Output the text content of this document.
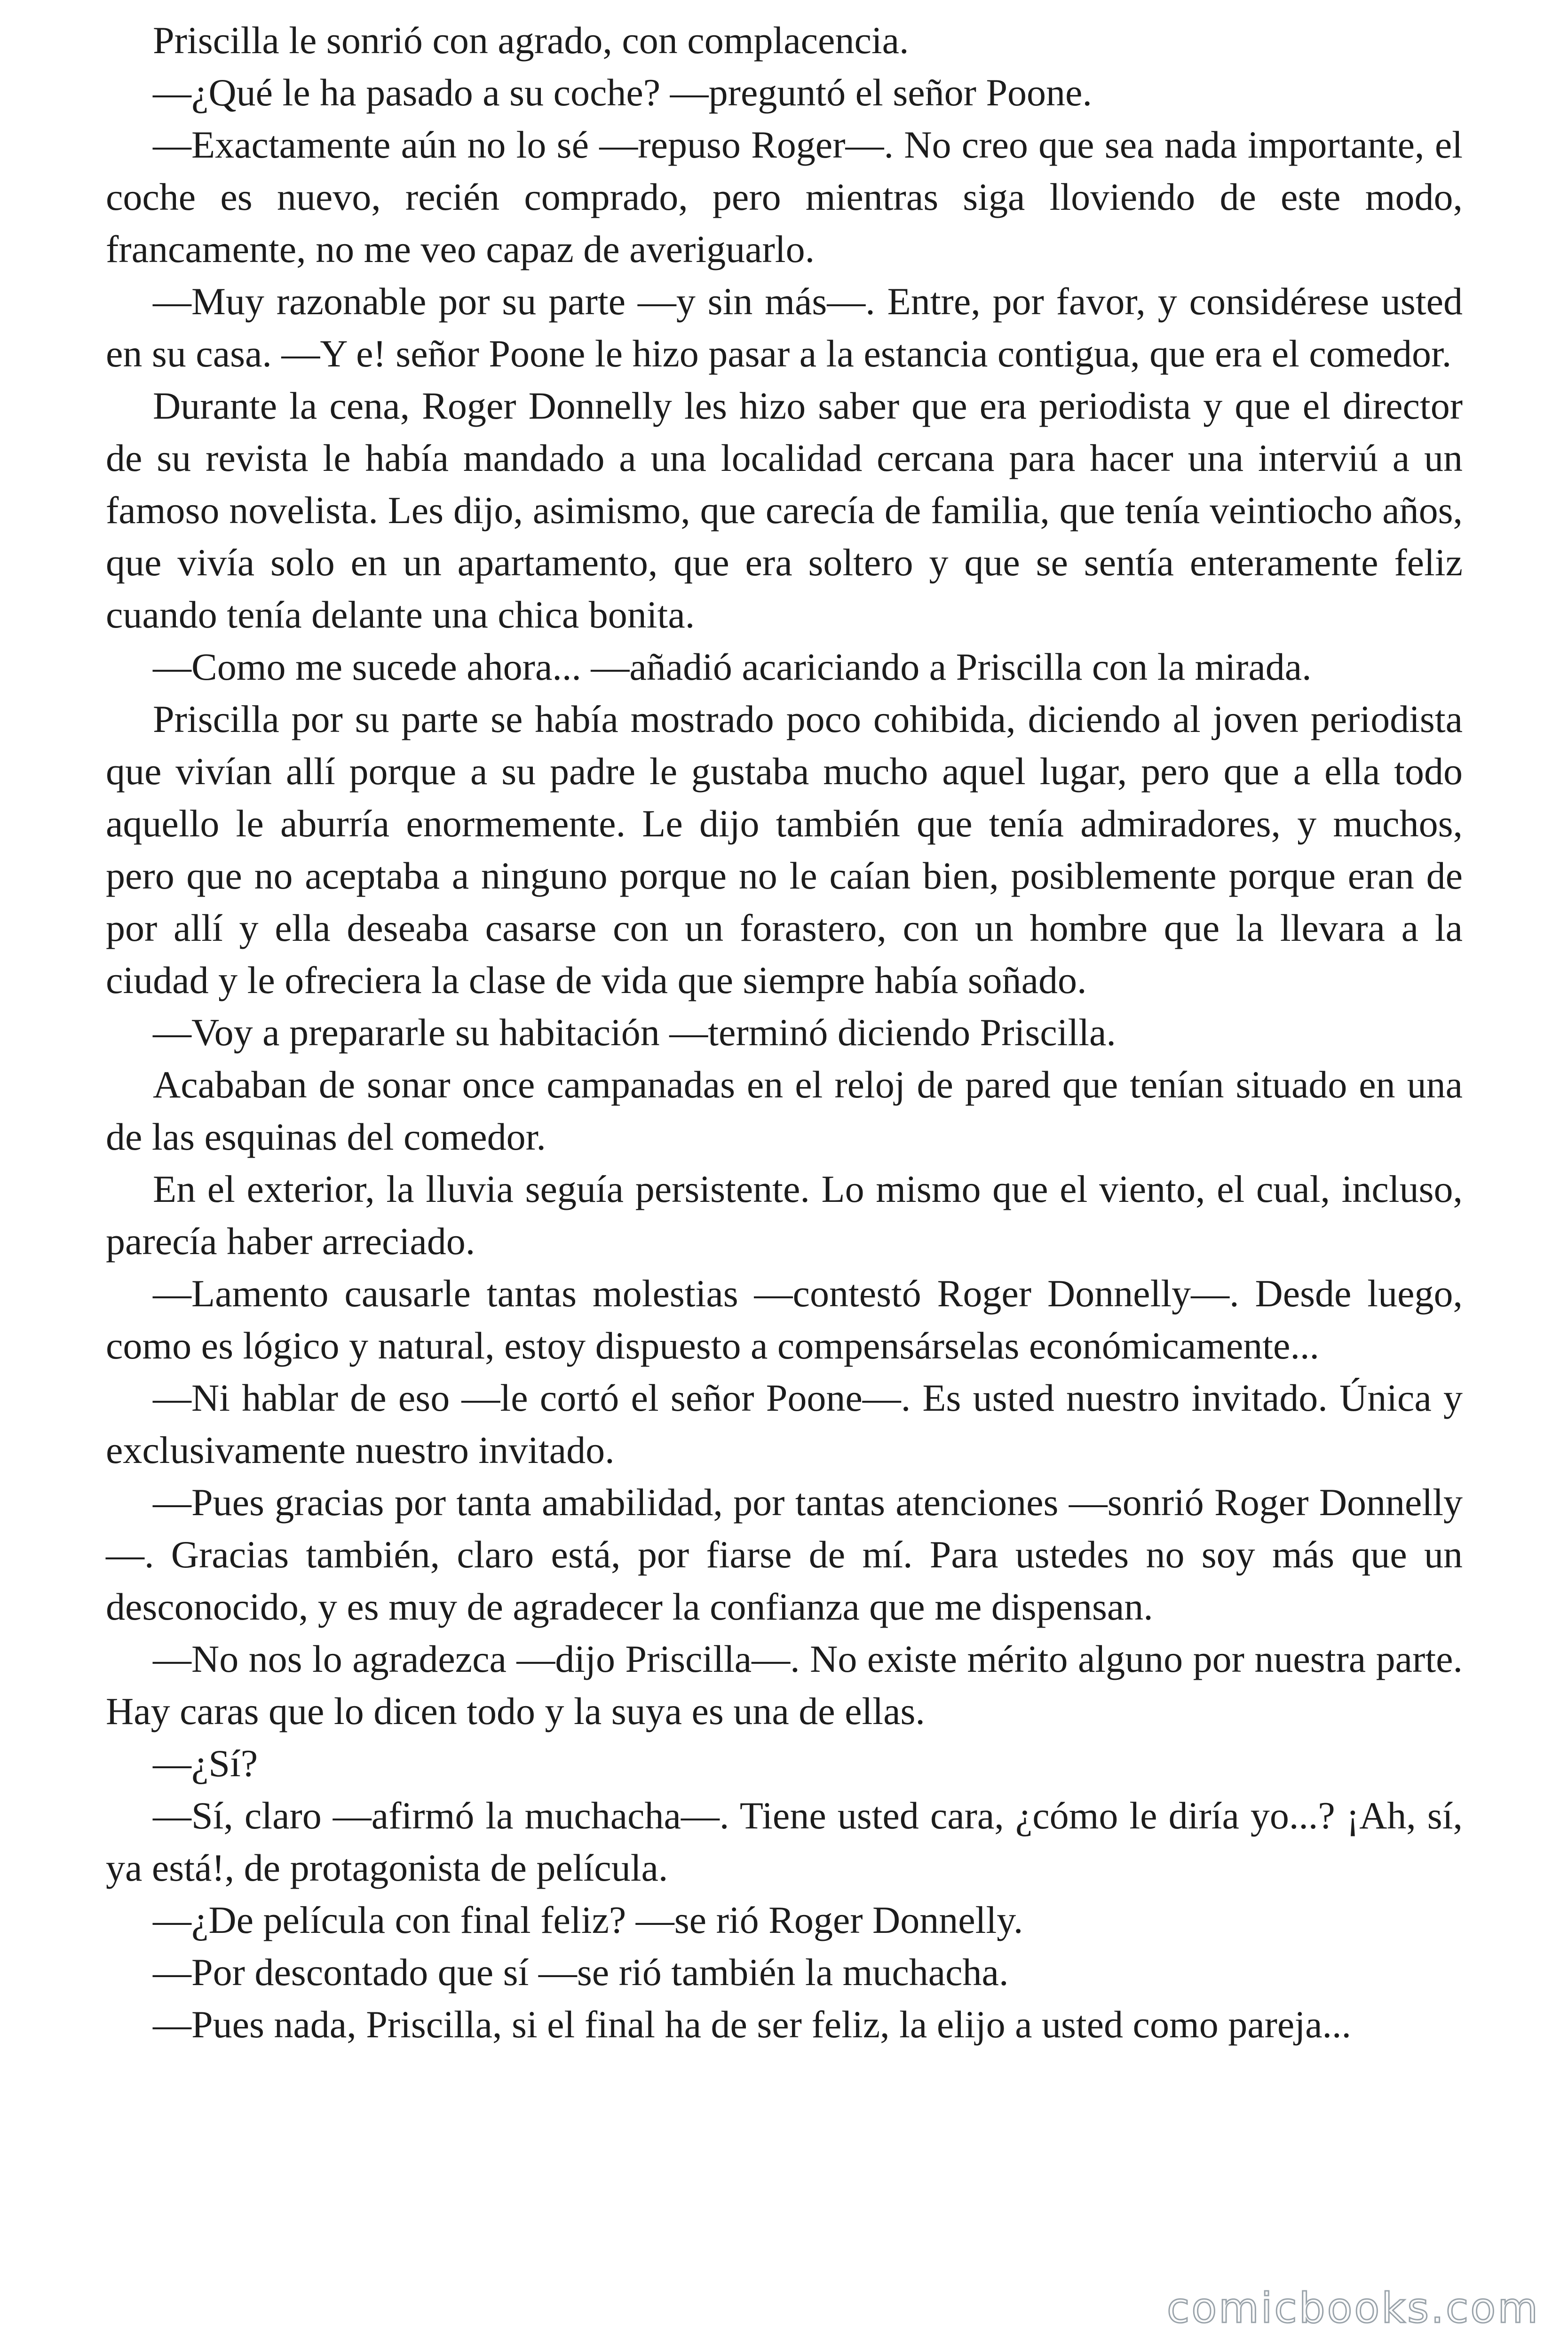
Priscilla le sonrió con agrado, con complacencia.

—¿Qué le ha pasado a su coche? —preguntó el señor Poone.

—Exactamente aún no lo sé —repuso Roger—. No creo que sea nada importante, el coche es nuevo, recién comprado, pero mientras siga lloviendo de este modo, francamente, no me veo capaz de averiguarlo.

—Muy razonable por su parte —y sin más—. Entre, por favor, y considérese usted en su casa. —Y e! señor Poone le hizo pasar a la estancia contigua, que era el comedor.

Durante la cena, Roger Donnelly les hizo saber que era periodista y que el director de su revista le había mandado a una localidad cercana para hacer una interviú a un famoso novelista. Les dijo, asimismo, que carecía de familia, que tenía veintiocho años, que vivía solo en un apartamento, que era soltero y que se sentía enteramente feliz cuando tenía delante una chica bonita.

—Como me sucede ahora... —añadió acariciando a Priscilla con la mirada.

Priscilla por su parte se había mostrado poco cohibida, diciendo al joven periodista que vivían allí porque a su padre le gustaba mucho aquel lugar, pero que a ella todo aquello le aburría enormemente. Le dijo también que tenía admiradores, y muchos, pero que no aceptaba a ninguno porque no le caían bien, posiblemente porque eran de por allí y ella deseaba casarse con un forastero, con un hombre que la llevara a la ciudad y le ofreciera la clase de vida que siempre había soñado.

—Voy a prepararle su habitación —terminó diciendo Priscilla.

Acababan de sonar once campanadas en el reloj de pared que tenían situado en una de las esquinas del comedor.

En el exterior, la lluvia seguía persistente. Lo mismo que el viento, el cual, incluso, parecía haber arreciado.

—Lamento causarle tantas molestias —contestó Roger Donnelly—. Desde luego, como es lógico y natural, estoy dispuesto a compensárselas económicamente...

—Ni hablar de eso —le cortó el señor Poone—. Es usted nuestro invitado. Única y exclusivamente nuestro invitado.

—Pues gracias por tanta amabilidad, por tantas atenciones —sonrió Roger Donnelly—. Gracias también, claro está, por fiarse de mí. Para ustedes no soy más que un desconocido, y es muy de agradecer la confianza que me dispensan.

—No nos lo agradezca —dijo Priscilla—. No existe mérito alguno por nuestra parte. Hay caras que lo dicen todo y la suya es una de ellas.

—¿Sí?

—Sí, claro —afirmó la muchacha—. Tiene usted cara, ¿cómo le diría yo...? ¡Ah, sí, ya está!, de protagonista de película.

—¿De película con final feliz? —se rió Roger Donnelly.

—Por descontado que sí —se rió también la muchacha.

—Pues nada, Priscilla, si el final ha de ser feliz, la elijo a usted como pareja...

comicbooks.com
